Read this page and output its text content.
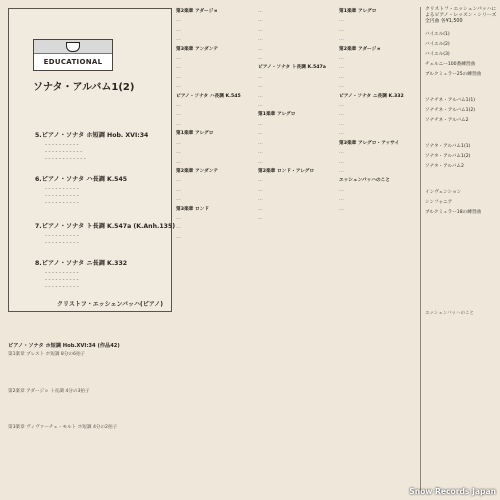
EDUCATIONAL
ソナタ・アルバム1(2)
5.ピアノ・ソナタ ホ短調 Hob. XVI:34
- - - - - - - - - -
- - - - - - - - - - -
- - - - - - - - - - - -
6.ピアノ・ソナタ ハ長調 K.545
- - - - - - - - - -
- - - - - - - - - -
- - - - - - - - - -
7.ピアノ・ソナタ ト長調 K.547a (K.Anh.135)
- - - - - - - - - -
- - - - - - - - - -
8.ピアノ・ソナタ ニ長調 K.332
- - - - - - - - - -
- - - - - - - - - -
- - - - - - - - - -
クリストフ・エッシェンバッハ(ピアノ)
ピアノ・ソナタ ホ短調 Hob.XVI:34 (作品42)
第1楽章 プレスト ホ短調 8分の6拍子
第2楽章 アダージョ ト長調 4分の3拍子
第3楽章 ヴィヴァーチェ・モルト ホ短調 4分の2拍子

第2楽章 アダージョ

…

…

…

第3楽章 アンダンテ

…

…

…

…

ピアノ・ソナタ ハ長調 K.545

…

…

…

第1楽章 アレグロ

…

…

…

第2楽章 アンダンテ

…

…

…

第3楽章 ロンド

…

…

…

…

…

…

…

…

…

ピアノ・ソナタ ト長調 K.547a

…

…

…

…

第1楽章 アレグロ

…

…

…

…

…

第2楽章 ロンド・アレグロ

…

…

…

…

…

第1楽章 アレグロ

…

…

…

第2楽章 アダージョ

…

…

…

…

ピアノ・ソナタ ニ長調 K.332

…

…

…

…

第3楽章 アレグロ・アッサイ

…

…

…

エッシェンバッハのこと

…

…

…

クリストフ・エッシェンバッハによるピアノ・レッスン・シリーズ 全円曲 各¥1,500
バイエル(1)
バイエル(2)
バイエル(3)
チェルニー100番練習曲
ブルクミュラー25の練習曲
ソナチネ・アルバム1(1)
ソナチネ・アルバム1(2)
ソナチネ・アルバム2
ソナタ・アルバム1(1)
ソナタ・アルバム1(2)
ソナタ・アルバム2
インヴェンション
シンフォニア
ブルクミュラー18の練習曲
エッシェンバッハのこと
Snow Records Japan
